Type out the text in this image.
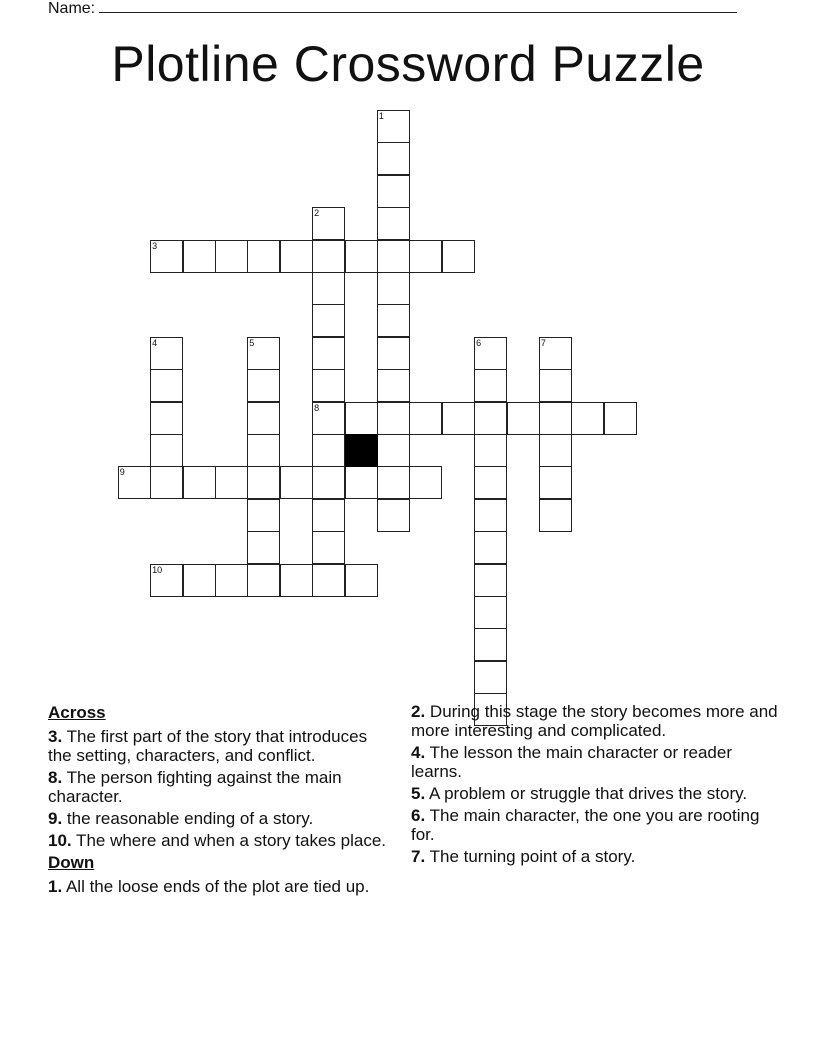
Name:
Plotline Crossword Puzzle
1
2
8
3
4	5	6	7
9
10
Across
3. The first part of the story that introduces the setting, characters, and conflict.
8. The person fighting against the main character.
9. the reasonable ending of a story.
10. The where and when a story takes place.
Down
1. All the loose ends of the plot are tied up.
2. During this stage the story becomes more and more interesting and complicated.
4. The lesson the main character or reader learns.
5. A problem or struggle that drives the story.
6. The main character, the one you are rooting for.
7. The turning point of a story.
